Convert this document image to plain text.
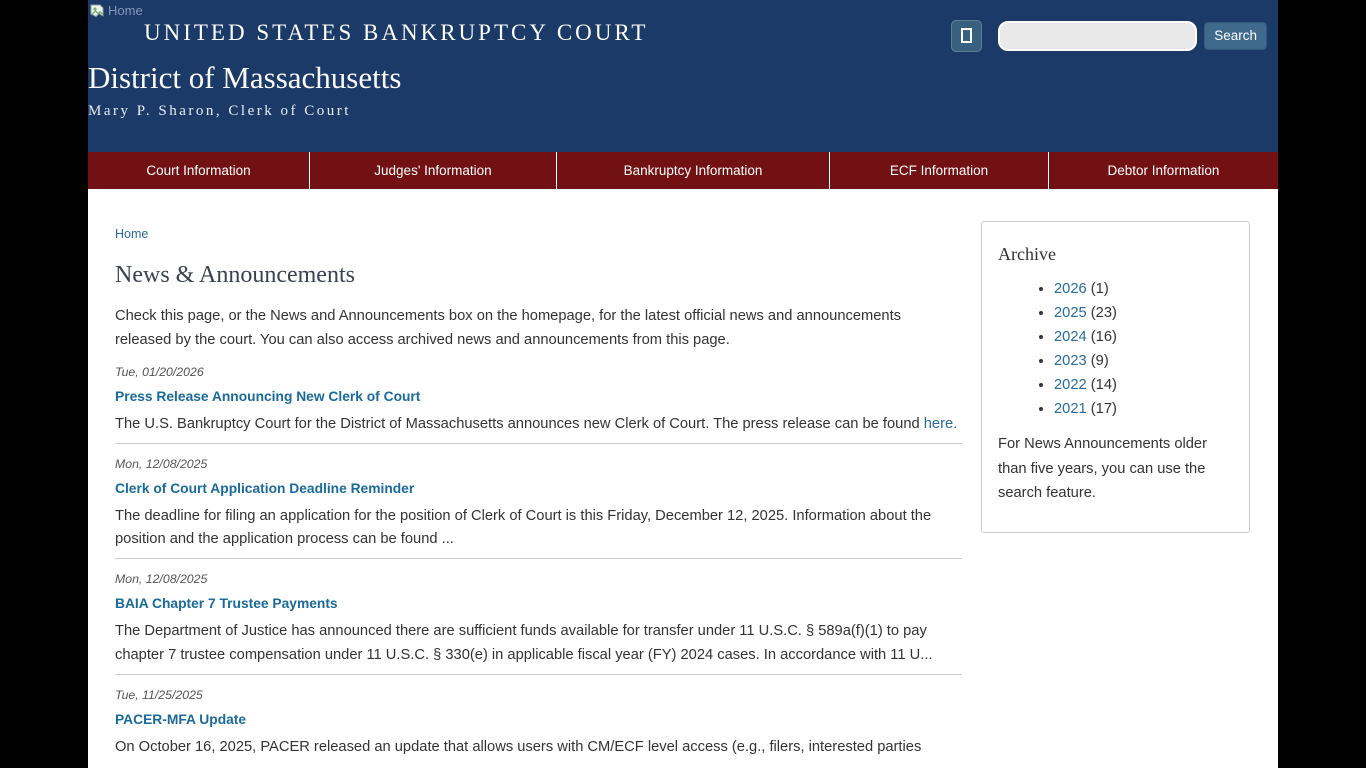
Home
UNITED STATES BANKRUPTCY COURT
District of Massachusetts
Mary P. Sharon, Clerk of Court
Search
Court Information	Judges' Information	Bankruptcy Information	ECF Information	Debtor Information
Home
News & Announcements

Check this page, or the News and Announcements box on the homepage, for the latest official news and announcements released by the court. You can also access archived news and announcements from this page.

Tue, 01/20/2026
Press Release Announcing New Clerk of Court
The U.S. Bankruptcy Court for the District of Massachusetts announces new Clerk of Court. The press release can be found here.
Mon, 12/08/2025
Clerk of Court Application Deadline Reminder
The deadline for filing an application for the position of Clerk of Court is this Friday, December 12, 2025. Information about the position and the application process can be found ...
Mon, 12/08/2025
BAIA Chapter 7 Trustee Payments
The Department of Justice has announced there are sufficient funds available for transfer under 11 U.S.C. § 589a(f)(1) to pay chapter 7 trustee compensation under 11 U.S.C. § 330(e) in applicable fiscal year (FY) 2024 cases. In accordance with 11 U...
Tue, 11/25/2025
PACER-MFA Update
On October 16, 2025, PACER released an update that allows users with CM/ECF level access (e.g., filers, interested parties
Archive
• 2026 (1)
• 2025 (23)
• 2024 (16)
• 2023 (9)
• 2022 (14)
• 2021 (17)

For News Announcements older than five years, you can use the search feature.
